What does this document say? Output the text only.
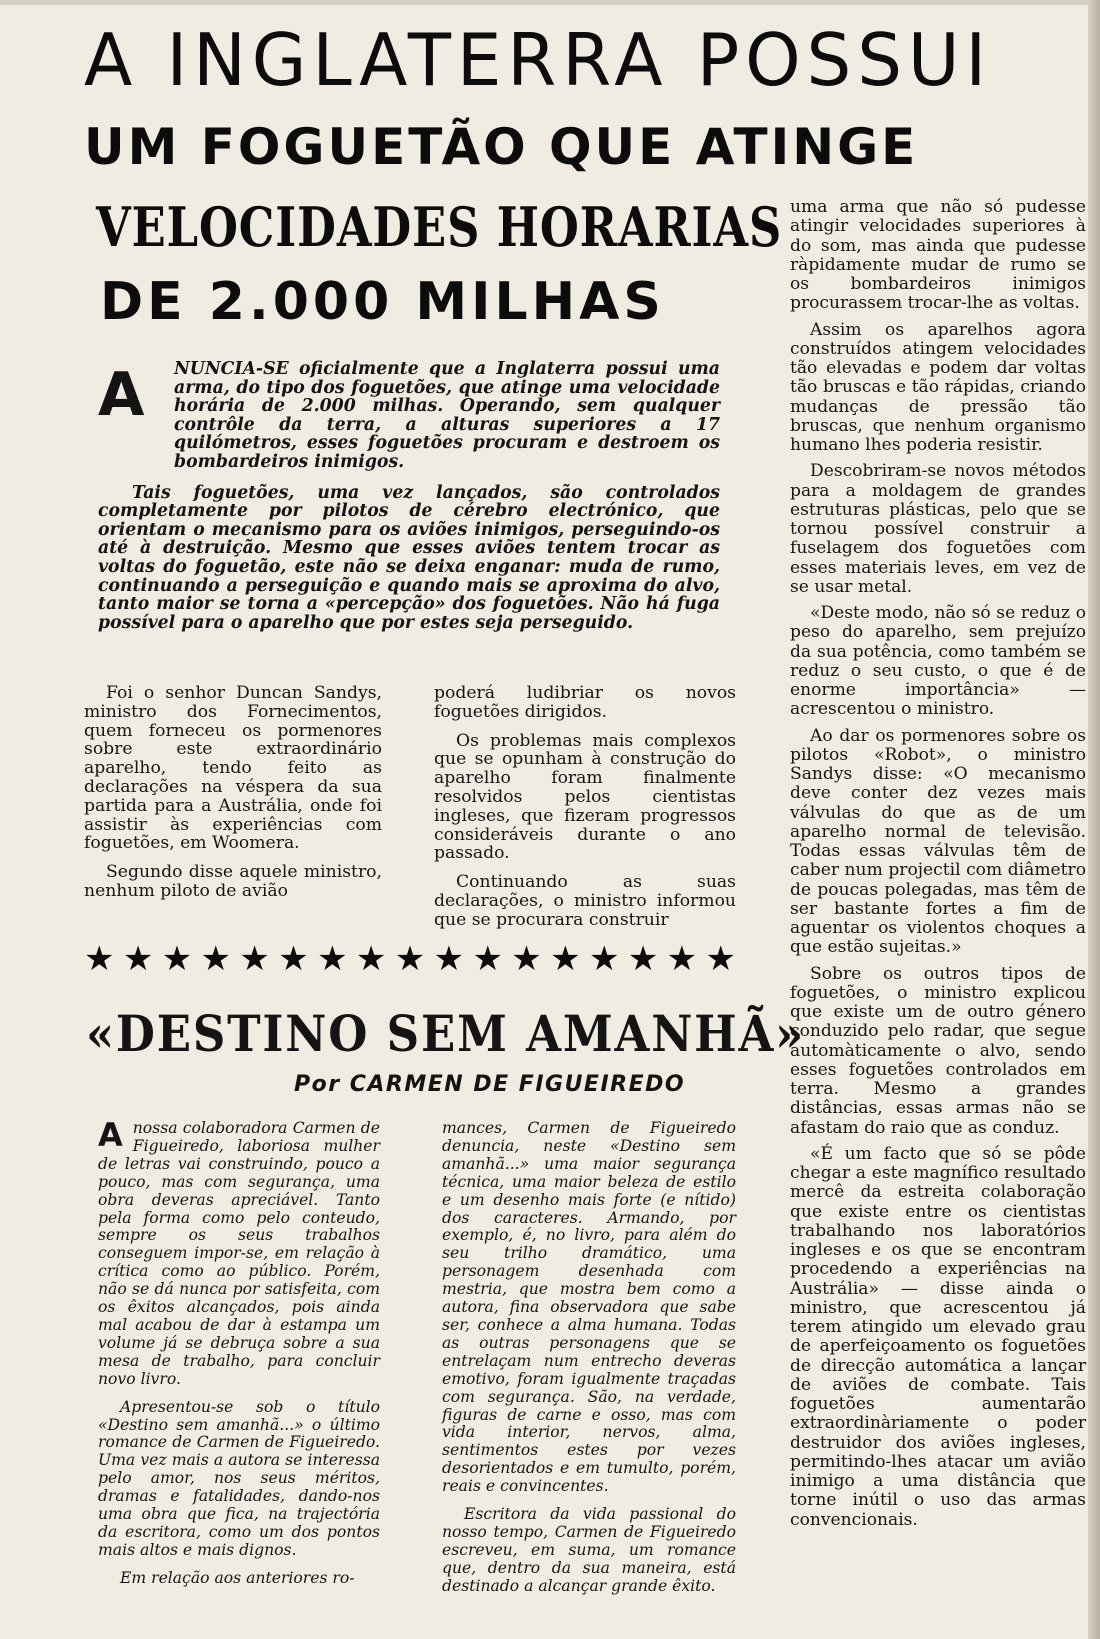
A INGLATERRA POSSUI
UM FOGUETÃO QUE ATINGE
VELOCIDADES HORARIAS
DE 2.000 MILHAS
A NUNCIA-SE oficialmente que a Inglaterra possui uma arma, do tipo dos foguetões, que atinge uma velocidade horária de 2.000 milhas. Operando, sem qualquer contrôle da terra, a alturas superiores a 17 quilómetros, esses foguetões procuram e destroem os bombardeiros inimigos.

Tais foguetões, uma vez lançados, são controlados completamente por pilotos de cérebro electrónico, que orientam o mecanismo para os aviões inimigos, perseguindo-os até à destruição. Mesmo que esses aviões tentem trocar as voltas do foguetão, este não se deixa enganar: muda de rumo, continuando a perseguição e quando mais se aproxima do alvo, tanto maior se torna a «percepção» dos foguetões. Não há fuga possível para o aparelho que por estes seja perseguido.

Foi o senhor Duncan Sandys, ministro dos Fornecimentos, quem forneceu os pormenores sobre este extraordinário aparelho, tendo feito as declarações na véspera da sua partida para a Austrália, onde foi assistir às experiências com foguetões, em Woomera.

Segundo disse aquele ministro, nenhum piloto de avião

poderá ludibriar os novos foguetões dirigidos.

Os problemas mais complexos que se opunham à construção do aparelho foram finalmente resolvidos pelos cientistas ingleses, que fizeram progressos consideráveis durante o ano passado.

Continuando as suas declarações, o ministro informou que se procurara construir

uma arma que não só pudesse atingir velocidades superiores à do som, mas ainda que pudesse ràpidamente mudar de rumo se os bombardeiros inimigos procurassem trocar-lhe as voltas.

Assim os aparelhos agora construídos atingem velocidades tão elevadas e podem dar voltas tão bruscas e tão rápidas, criando mudanças de pressão tão bruscas, que nenhum organismo humano lhes poderia resistir.

Descobriram-se novos métodos para a moldagem de grandes estruturas plásticas, pelo que se tornou possível construir a fuselagem dos foguetões com esses materiais leves, em vez de se usar metal.

«Deste modo, não só se reduz o peso do aparelho, sem prejuízo da sua potência, como também se reduz o seu custo, o que é de enorme importância» — acrescentou o ministro.

Ao dar os pormenores sobre os pilotos «Robot», o ministro Sandys disse: «O mecanismo deve conter dez vezes mais válvulas do que as de um aparelho normal de televisão. Todas essas válvulas têm de caber num projectil com diâmetro de poucas polegadas, mas têm de ser bastante fortes a fim de aguentar os violentos choques a que estão sujeitas.»

Sobre os outros tipos de foguetões, o ministro explicou que existe um de outro género conduzido pelo radar, que segue automàticamente o alvo, sendo esses foguetões controlados em terra. Mesmo a grandes distâncias, essas armas não se afastam do raio que as conduz.

«É um facto que só se pôde chegar a este magnífico resultado mercê da estreita colaboração que existe entre os cientistas trabalhando nos laboratórios ingleses e os que se encontram procedendo a experiências na Austrália» — disse ainda o ministro, que acrescentou já terem atingido um elevado grau de aperfeiçoamento os foguetões de direcção automática a lançar de aviões de combate. Tais foguetões aumentarão extraordinàriamente o poder destruidor dos aviões ingleses, permitindo-lhes atacar um avião inimigo a uma distância que torne inútil o uso das armas convencionais.

★ ★ ★ ★ ★ ★ ★ ★ ★ ★ ★ ★ ★ ★ ★ ★ ★
«DESTINO SEM AMANHÃ»
Por CARMEN DE FIGUEIREDO

Anossa colaboradora Carmen de Figueiredo, laboriosa mulher de letras vai construindo, pouco a pouco, mas com segurança, uma obra deveras apreciável. Tanto pela forma como pelo conteudo, sempre os seus trabalhos conseguem impor-se, em relação à crítica como ao público. Porém, não se dá nunca por satisfeita, com os êxitos alcançados, pois ainda mal acabou de dar à estampa um volume já se debruça sobre a sua mesa de trabalho, para concluir novo livro.

Apresentou-se sob o título «Destino sem amanhã...» o último romance de Carmen de Figueiredo. Uma vez mais a autora se interessa pelo amor, nos seus méritos, dramas e fatalidades, dando-nos uma obra que fica, na trajectória da escritora, como um dos pontos mais altos e mais dignos.

Em relação aos anteriores ro-

mances, Carmen de Figueiredo denuncia, neste «Destino sem amanhã...» uma maior segurança técnica, uma maior beleza de estilo e um desenho mais forte (e nítido) dos caracteres. Armando, por exemplo, é, no livro, para além do seu trilho dramático, uma personagem desenhada com mestria, que mostra bem como a autora, fina observadora que sabe ser, conhece a alma humana. Todas as outras personagens que se entrelaçam num entrecho deveras emotivo, foram igualmente traçadas com segurança. São, na verdade, figuras de carne e osso, mas com vida interior, nervos, alma, sentimentos estes por vezes desorientados e em tumulto, porém, reais e convincentes.

Escritora da vida passional do nosso tempo, Carmen de Figueiredo escreveu, em suma, um romance que, dentro da sua maneira, está destinado a alcançar grande êxito.
